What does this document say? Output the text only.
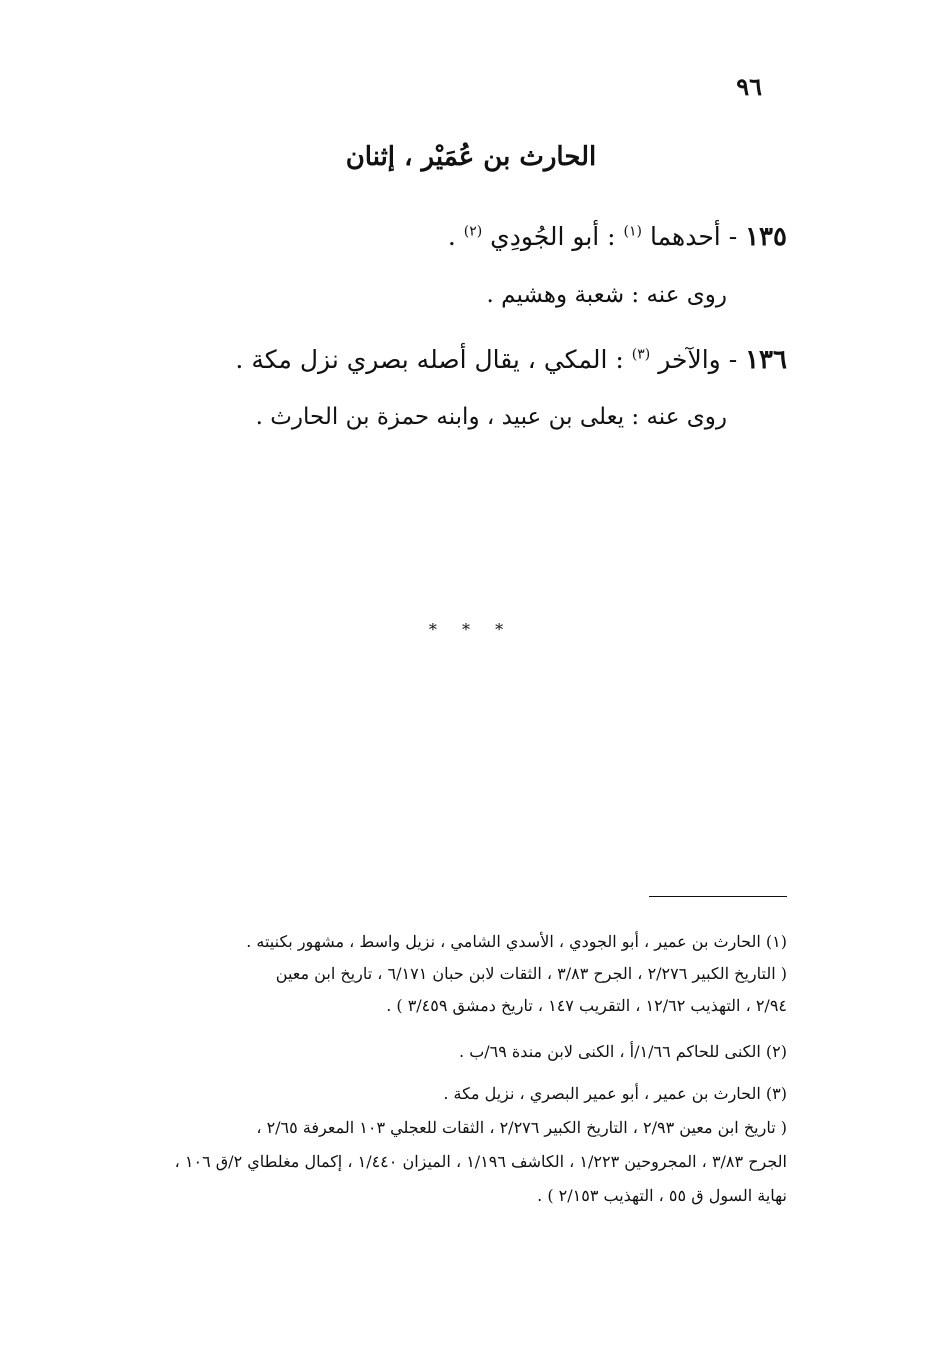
٩٦
الحارث بن عُمَيْر ، إثنان
١٣٥ - أحدهما $^{(١)}$ : أبو الجُودِي $^{(٢)}$ .
روى عنه : شعبة وهشيم .
١٣٦ - والآخر $^{(٣)}$ : المكي ، يقال أصله بصري نزل مكة .
روى عنه : يعلى بن عبيد ، وابنه حمزة بن الحارث .
* * *
(١) الحارث بن عمير ، أبو الجودي ، الأسدي الشامي ، نزيل واسط ، مشهور بكنيته .
( التاريخ الكبير ٢/٢٧٦ ، الجرح ٣/٨٣ ، الثقات لابن حبان ٦/١٧١ ، تاريخ ابن معين
٢/٩٤ ، التهذيب ١٢/٦٢ ، التقريب ١٤٧ ، تاريخ دمشق ٣/٤٥٩ ) .
(٢) الكنى للحاكم ١/٦٦/أ ، الكنى لابن مندة ٦٩/ب .
(٣) الحارث بن عمير ، أبو عمير البصري ، نزيل مكة .
( تاريخ ابن معين ٢/٩٣ ، التاريخ الكبير ٢/٢٧٦ ، الثقات للعجلي ١٠٣ المعرفة ٢/٦٥ ،
الجرح ٣/٨٣ ، المجروحين ١/٢٢٣ ، الكاشف ١/١٩٦ ، الميزان ١/٤٤٠ ، إكمال مغلطاي ٢/ق ١٠٦ ،
نهاية السول ق ٥٥ ، التهذيب ٢/١٥٣ ) .
